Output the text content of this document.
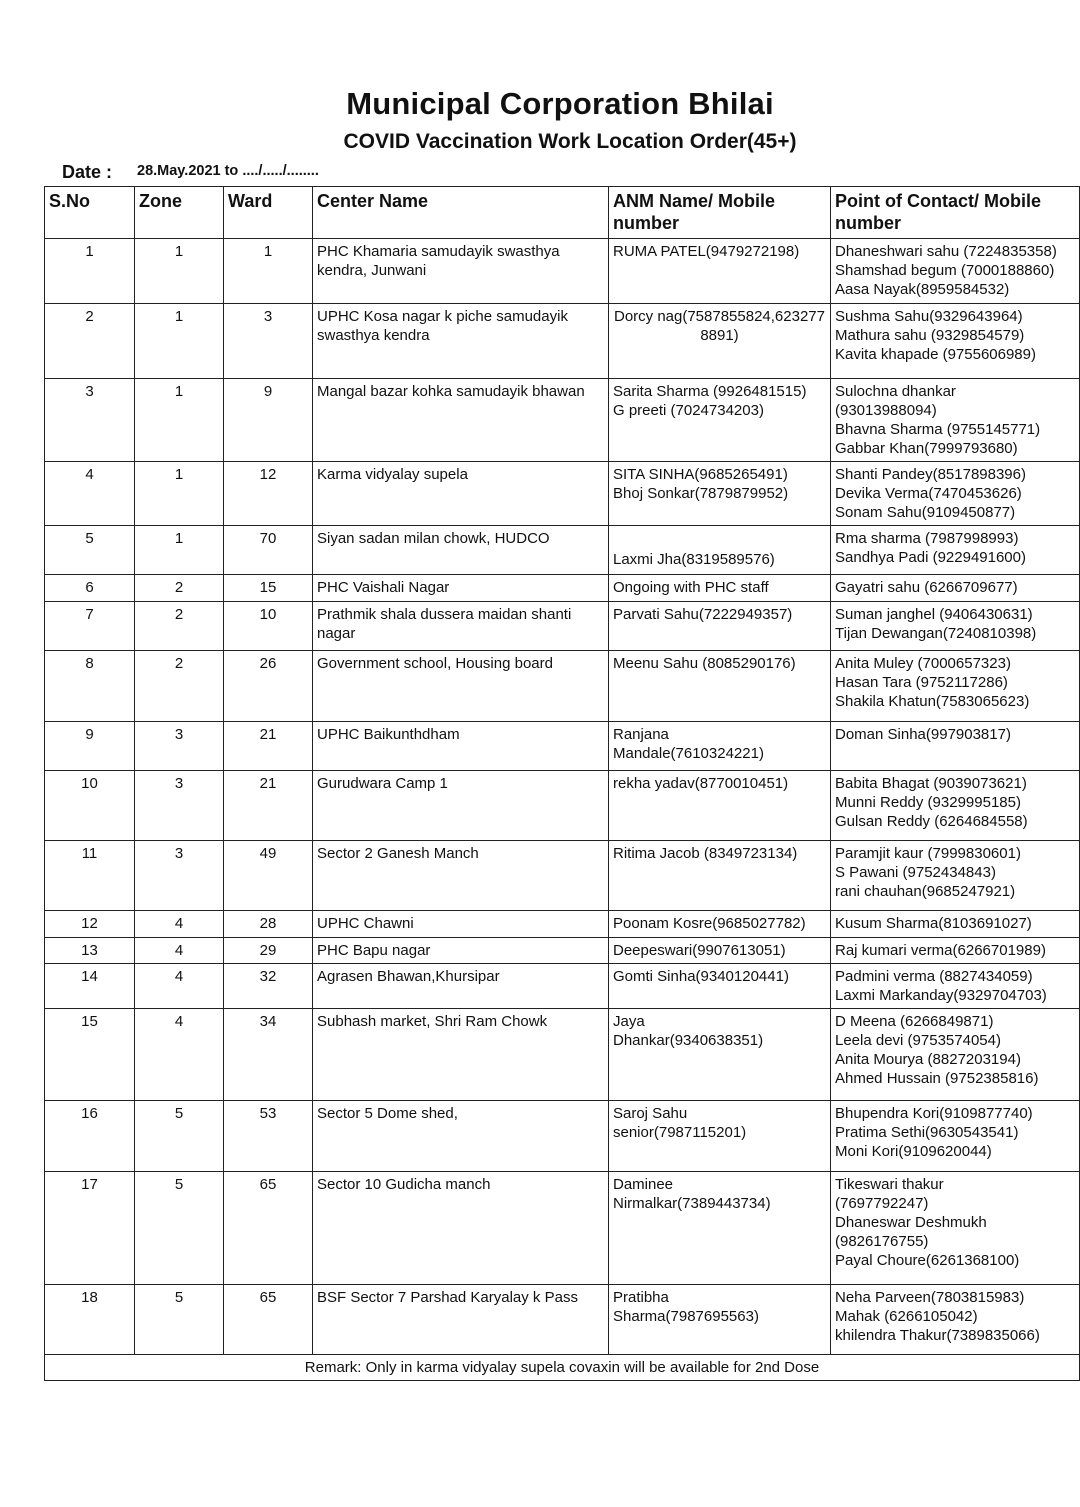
Municipal Corporation Bhilai
COVID Vaccination Work Location Order(45+)
Date : 28.May.2021 to ..../...../........
S.No	Zone	Ward	Center Name	ANM Name/ Mobile number	Point of Contact/ Mobile number
1	1	1	PHC Khamaria samudayik swasthya kendra, Junwani	RUMA PATEL(9479272198)	Dhaneshwari sahu (7224835358)
Shamshad begum (7000188860)
Aasa Nayak(8959584532)

2	1	3	UPHC Kosa nagar k piche samudayik swasthya kendra	Dorcy nag(7587855824,6232778891)	Sushma Sahu(9329643964)
Mathura sahu (9329854579)
Kavita khapade (9755606989)

3	1	9	Mangal bazar kohka samudayik bhawan	Sarita Sharma (9926481515)
G preeti (7024734203)	Sulochna dhankar
(93013988094)
Bhavna Sharma (9755145771)
Gabbar Khan(7999793680)

4	1	12	Karma vidyalay supela	SITA SINHA(9685265491)
Bhoj Sonkar(7879879952)	Shanti Pandey(8517898396)
Devika Verma(7470453626)
Sonam Sahu(9109450877)

5	1	70	Siyan sadan milan chowk, HUDCO	Laxmi Jha(8319589576)	Rma sharma (7987998993)
Sandhya Padi (9229491600)

6	2	15	PHC Vaishali Nagar	Ongoing with PHC staff	Gayatri sahu (6266709677)

7	2	10	Prathmik shala dussera maidan shanti nagar	Parvati Sahu(7222949357)	Suman janghel (9406430631)
Tijan Dewangan(7240810398)

8	2	26	Government school, Housing board	Meenu Sahu (8085290176)	Anita Muley (7000657323)
Hasan Tara (9752117286)
Shakila Khatun(7583065623)

9	3	21	UPHC Baikunthdham	Ranjana
Mandale(7610324221)	Doman Sinha(997903817)

10	3	21	Gurudwara Camp 1	rekha yadav(8770010451)	Babita Bhagat (9039073621)
Munni Reddy (9329995185)
Gulsan Reddy (6264684558)

11	3	49	Sector 2 Ganesh Manch	Ritima Jacob (8349723134)	Paramjit kaur (7999830601)
S Pawani (9752434843)
rani chauhan(9685247921)

12	4	28	UPHC Chawni	Poonam Kosre(9685027782)	Kusum Sharma(8103691027)

13	4	29	PHC Bapu nagar	Deepeswari(9907613051)	Raj kumari verma(6266701989)

14	4	32	Agrasen Bhawan,Khursipar	Gomti Sinha(9340120441)	Padmini verma (8827434059)
Laxmi Markanday(9329704703)

15	4	34	Subhash market, Shri Ram Chowk	Jaya
Dhankar(9340638351)	D Meena (6266849871)
Leela devi (9753574054)
Anita Mourya (8827203194)
Ahmed Hussain (9752385816)

16	5	53	Sector 5 Dome shed,	Saroj Sahu
senior(7987115201)	Bhupendra Kori(9109877740)
Pratima Sethi(9630543541)
Moni Kori(9109620044)

17	5	65	Sector 10 Gudicha manch	Daminee
Nirmalkar(7389443734)	Tikeswari thakur
(7697792247)
Dhaneswar Deshmukh
(9826176755)
Payal Choure(6261368100)

18	5	65	BSF Sector 7 Parshad Karyalay k Pass	Pratibha
Sharma(7987695563)	Neha Parveen(7803815983)
Mahak (6266105042)
khilendra Thakur(7389835066)

Remark: Only in karma vidyalay supela covaxin will be available for 2nd Dose					
